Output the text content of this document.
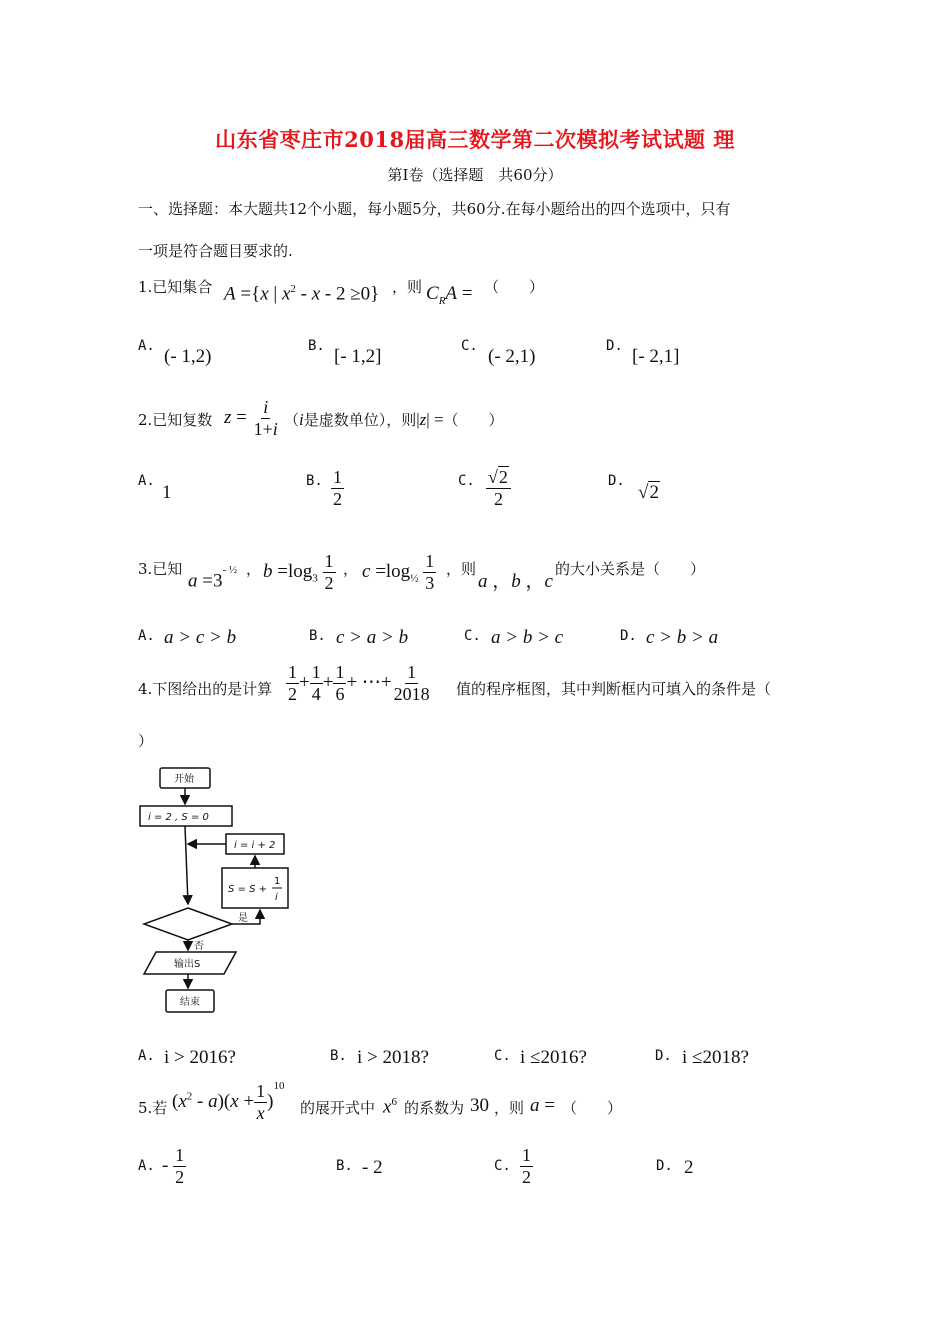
山东省枣庄市2018届高三数学第二次模拟考试试题 理
第Ⅰ卷（选择题　共60分）
一、选择题：本大题共12个小题，每小题5分，共60分.在每小题给出的四个选项中，只有
一项是符合题目要求的.
1.已知集合 A ={x | $x^2 - x - 2 \ge 0$} ，则 $C_RA$ = （　　）
A. (- 1,2)	B. [- 1,2]	C. (- 2,1)	D. [- 2,1]
2.已知复数 $z = \frac{i}{1+i} (i$是虚数单位），则|z| =（　　）
A.
1
B. $\frac{1}{2}$	C. $\frac{√2}{2}$	D.
√2
3.已知
$a =3^{- \frac{1}{2}}$ ， $b =\log_3 \frac{1}{2}$ ， $c =\log_{\frac{1}{2}} \frac{1}{3}$ ，则
a ，b ，c
的大小关系是（　　）
A. a > c > b	B. c > a > b	C. a > b > c	D. c > b > a
4.下图给出的是计算 $\frac{1}{2} + \frac{1}{4} + \frac{1}{6}$ + ⋯+ $\frac{1}{2018}$ 值的程序框图，其中判断框内可填入的条件是（
）
开始
i = 2 , S = 0
i = i + 2
S = S +
1
i
是
否
输出S
结束
A. i > 2016?	B. i > 2018?	C. i ≤2016?	D. i ≤2018?
5.若 $(x^2 - a)(x + \frac{1}{x} )^{10}$
的展开式中 $x^6$ 的系数为 30 ，则 a = （　　）
A. - $\frac{1}{2}$	B. - 2	C. $\frac{1}{2}$	D. 2
